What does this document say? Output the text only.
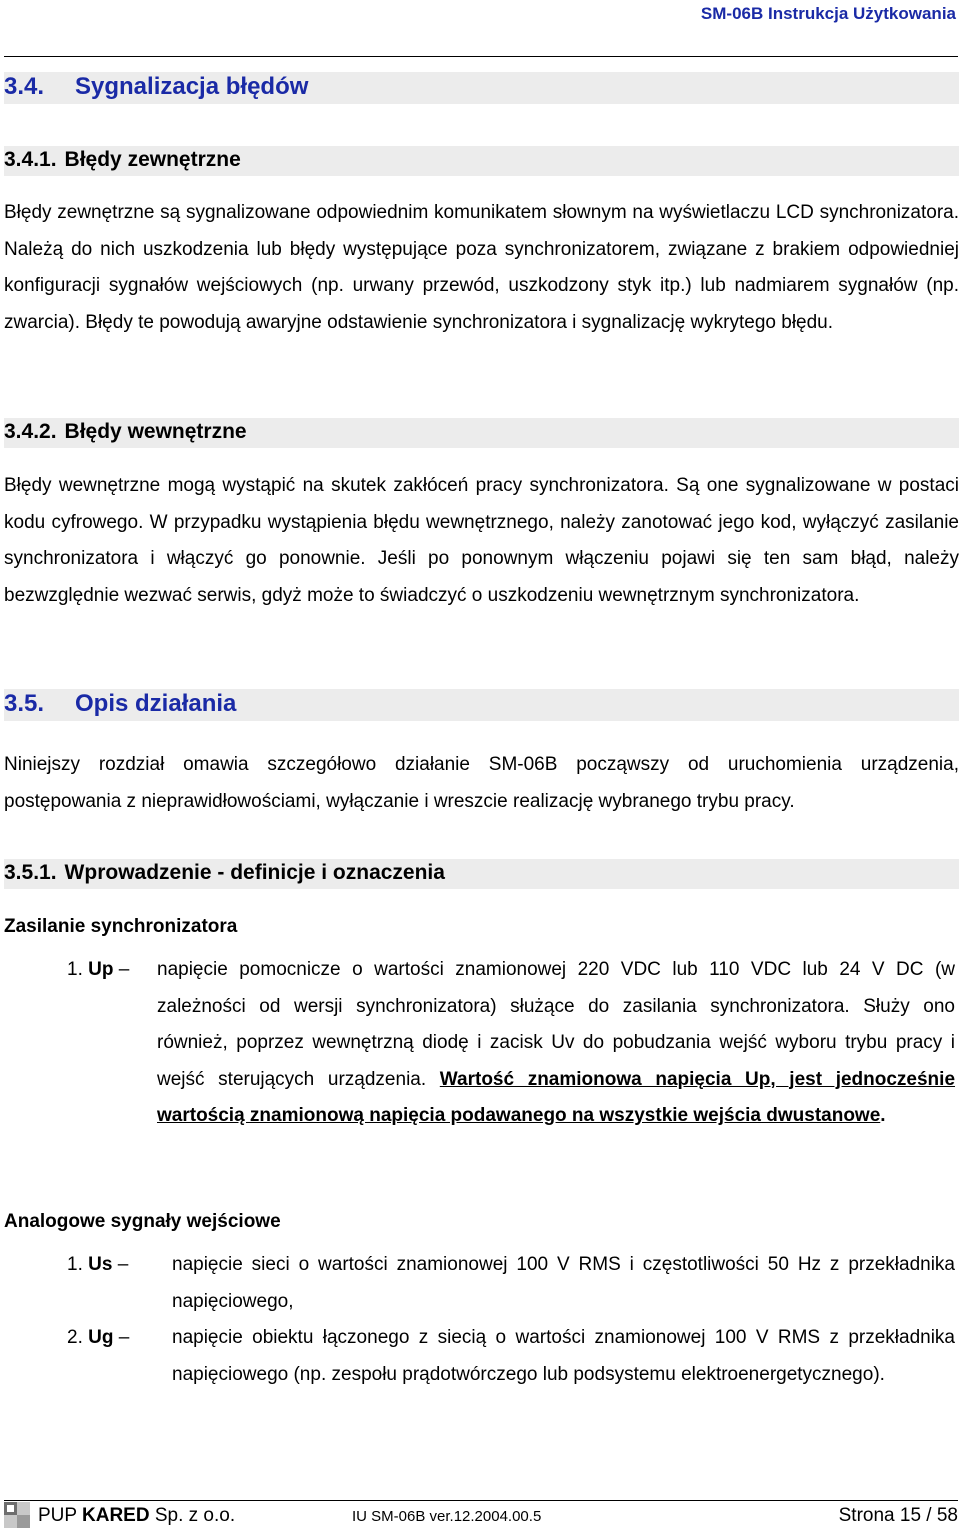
SM-06B Instrukcja Użytkowania
3.4.	Sygnalizacja błędów
3.4.1. Błędy zewnętrzne
Błędy zewnętrzne są sygnalizowane odpowiednim komunikatem słownym na wyświetlaczu LCD synchronizatora. Należą do nich uszkodzenia lub błędy występujące poza synchronizatorem, związane z brakiem odpowiedniej konfiguracji sygnałów wejściowych (np. urwany przewód, uszkodzony styk itp.) lub nadmiarem sygnałów (np. zwarcia). Błędy te powodują awaryjne odstawienie synchronizatora i sygnalizację wykrytego błędu.
3.4.2. Błędy wewnętrzne
Błędy wewnętrzne mogą wystąpić na skutek zakłóceń pracy synchronizatora. Są one sygnalizowane w postaci kodu cyfrowego. W przypadku wystąpienia błędu wewnętrznego, należy zanotować jego kod, wyłączyć zasilanie synchronizatora i włączyć go ponownie. Jeśli po ponownym włączeniu pojawi się ten sam błąd, należy bezwzględnie wezwać serwis, gdyż może to świadczyć o uszkodzeniu wewnętrznym synchronizatora.
3.5.	Opis działania
Niniejszy rozdział omawia szczegółowo działanie SM-06B począwszy od uruchomienia urządzenia, postępowania z nieprawidłowościami, wyłączanie i wreszcie realizację wybranego trybu pracy.
3.5.1. Wprowadzenie - definicje i oznaczenia
Zasilanie synchronizatora
1. Up –	napięcie pomocnicze o wartości znamionowej 220 VDC lub 110 VDC lub 24 V DC (w zależności od wersji synchronizatora) służące do zasilania synchronizatora. Służy ono również, poprzez wewnętrzną diodę i zacisk Uv do pobudzania wejść wyboru trybu pracy i wejść sterujących urządzenia. Wartość znamionowa napięcia Up, jest jednocześnie wartością znamionową napięcia podawanego na wszystkie wejścia dwustanowe.
Analogowe sygnały wejściowe
1. Us –	napięcie sieci o wartości znamionowej 100 V RMS i częstotliwości 50 Hz z przekładnika napięciowego,
2. Ug –	napięcie obiektu łączonego z siecią o wartości znamionowej 100 V RMS z przekładnika napięciowego (np. zespołu prądotwórczego lub podsystemu elektroenergetycznego).
PUP KARED Sp. z o.o.	IU SM-06B ver.12.2004.00.5	Strona 15 / 58
